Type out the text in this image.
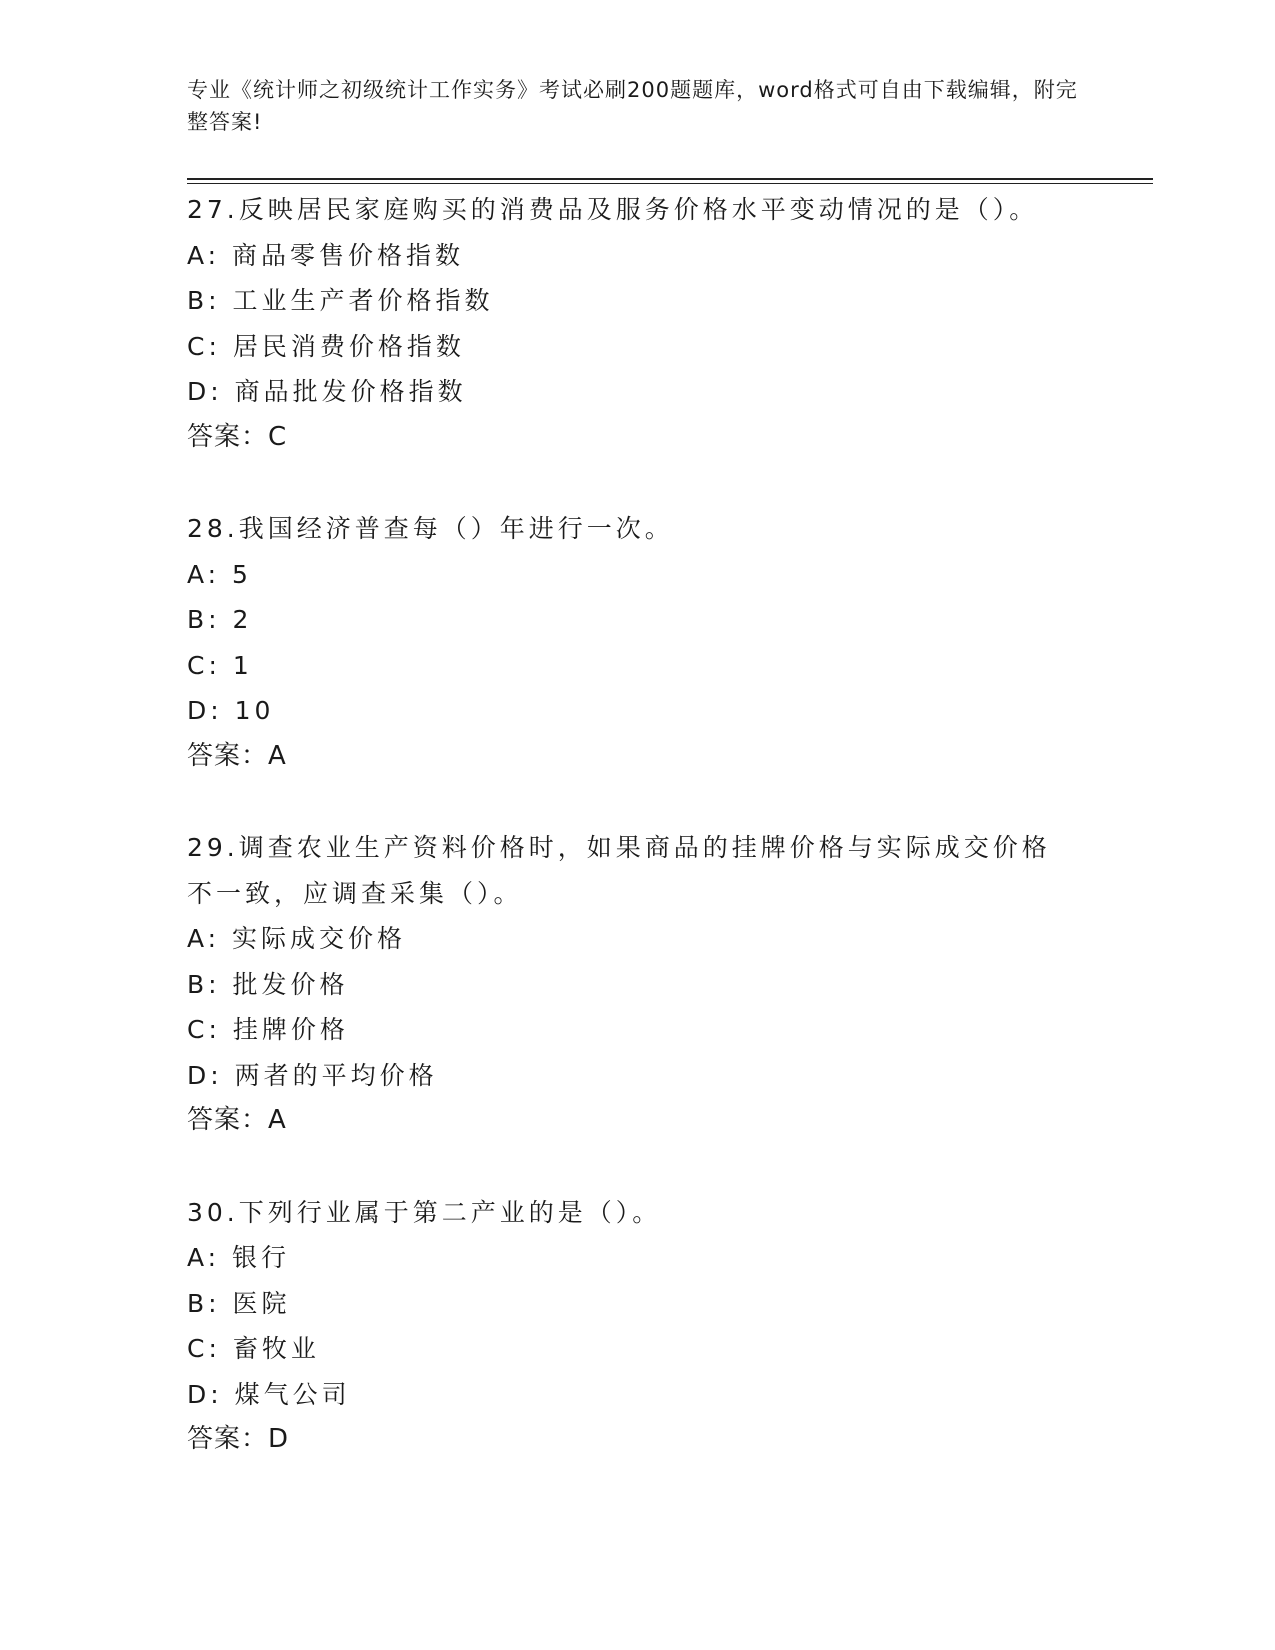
专业《统计师之初级统计工作实务》考试必刷200题题库，word格式可自由下载编辑，附完整答案!
27.反映居民家庭购买的消费品及服务价格水平变动情况的是（）。
A: 商品零售价格指数
B: 工业生产者价格指数
C: 居民消费价格指数
D: 商品批发价格指数
答案：C
28.我国经济普查每（）年进行一次。
A: 5
B: 2
C: 1
D: 10
答案：A
29.调查农业生产资料价格时，如果商品的挂牌价格与实际成交价格不一致，应调查采集（）。
A: 实际成交价格
B: 批发价格
C: 挂牌价格
D: 两者的平均价格
答案：A
30.下列行业属于第二产业的是（）。
A: 银行
B: 医院
C: 畜牧业
D: 煤气公司
答案：D
